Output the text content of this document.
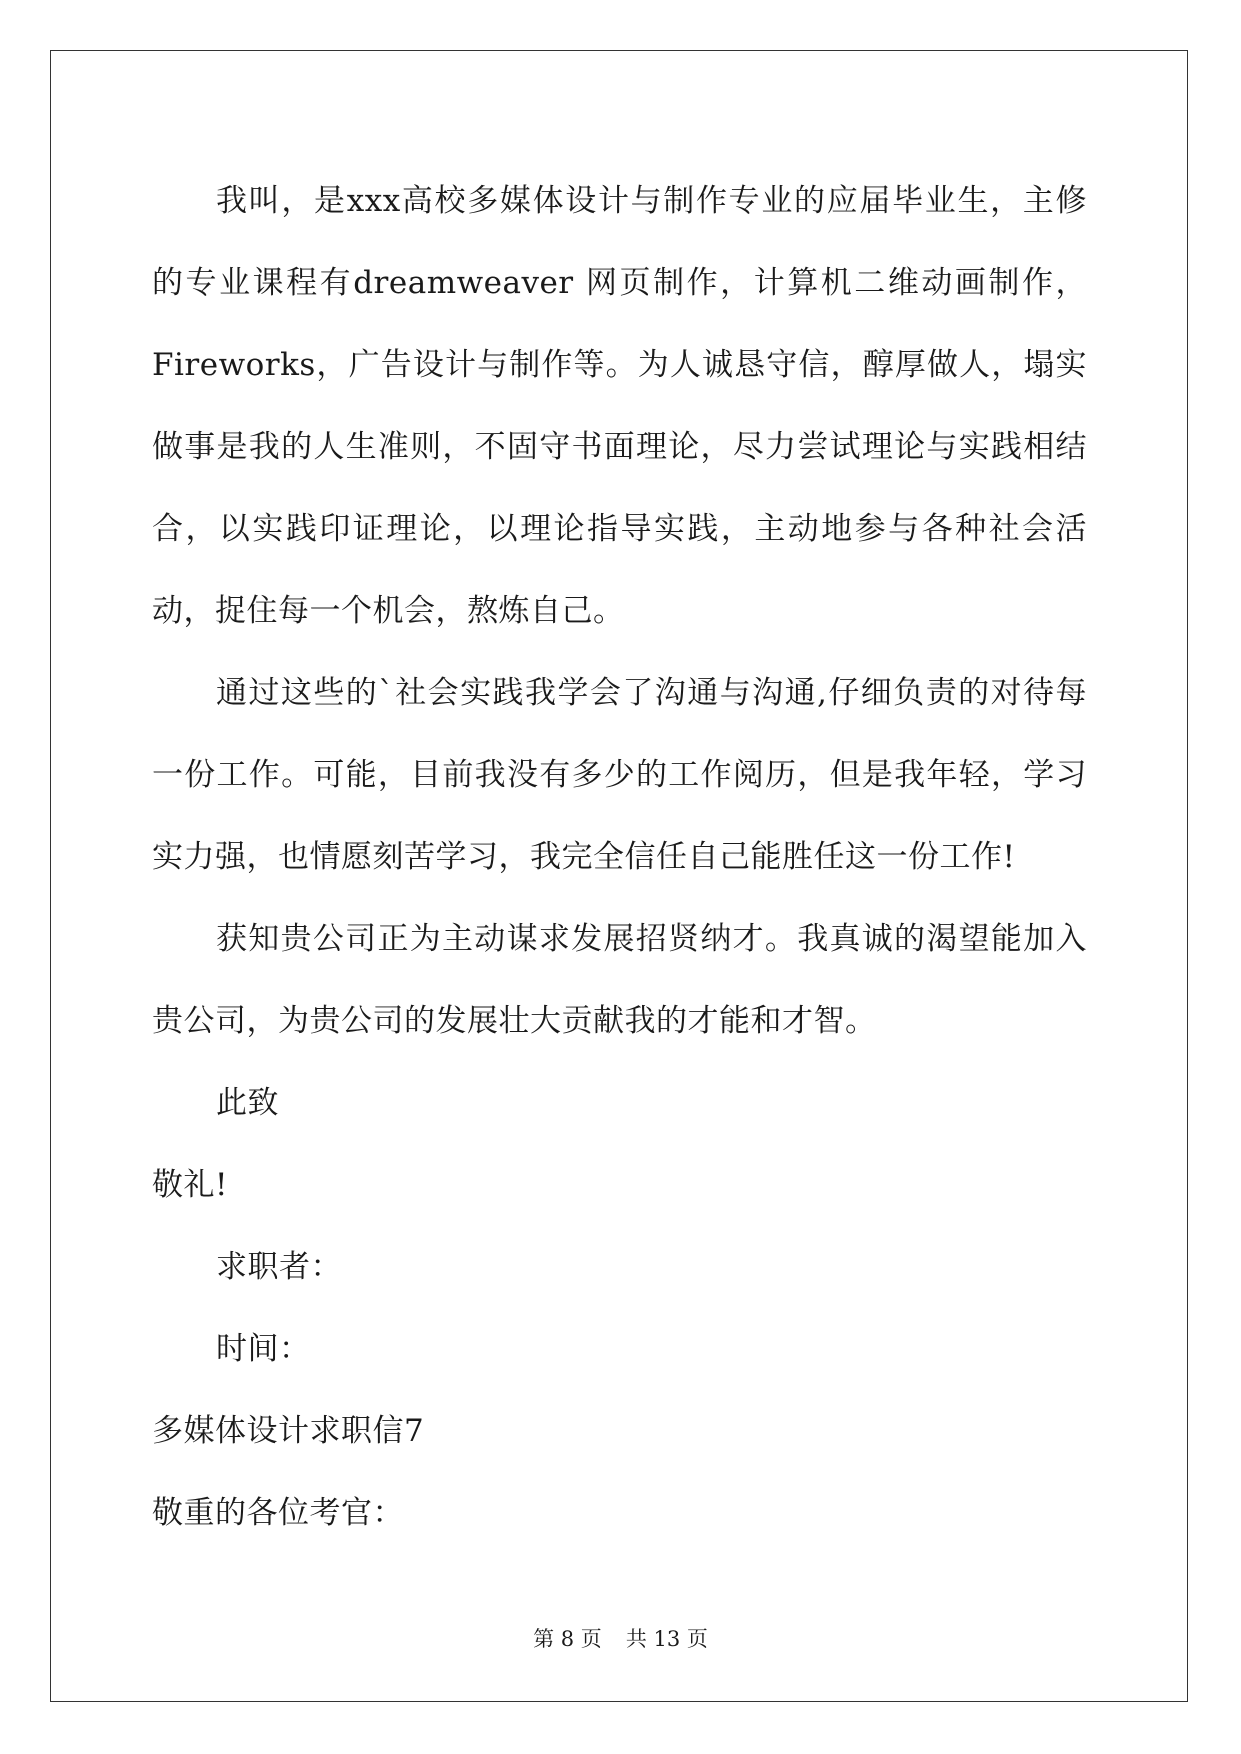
我叫，是xxx高校多媒体设计与制作专业的应届毕业生，主修的专业课程有dreamweaver 网页制作，计算机二维动画制作，Fireworks，广告设计与制作等。为人诚恳守信，醇厚做人，塌实做事是我的人生准则，不固守书面理论，尽力尝试理论与实践相结合，以实践印证理论，以理论指导实践，主动地参与各种社会活动，捉住每一个机会，熬炼自己。

通过这些的`社会实践我学会了沟通与沟通,仔细负责的对待每一份工作。可能，目前我没有多少的工作阅历，但是我年轻，学习实力强，也情愿刻苦学习，我完全信任自己能胜任这一份工作!

获知贵公司正为主动谋求发展招贤纳才。我真诚的渴望能加入贵公司，为贵公司的发展壮大贡献我的才能和才智。

此致

敬礼!

求职者：

时间：

多媒体设计求职信7

敬重的各位考官：

第 8 页 共 13 页
